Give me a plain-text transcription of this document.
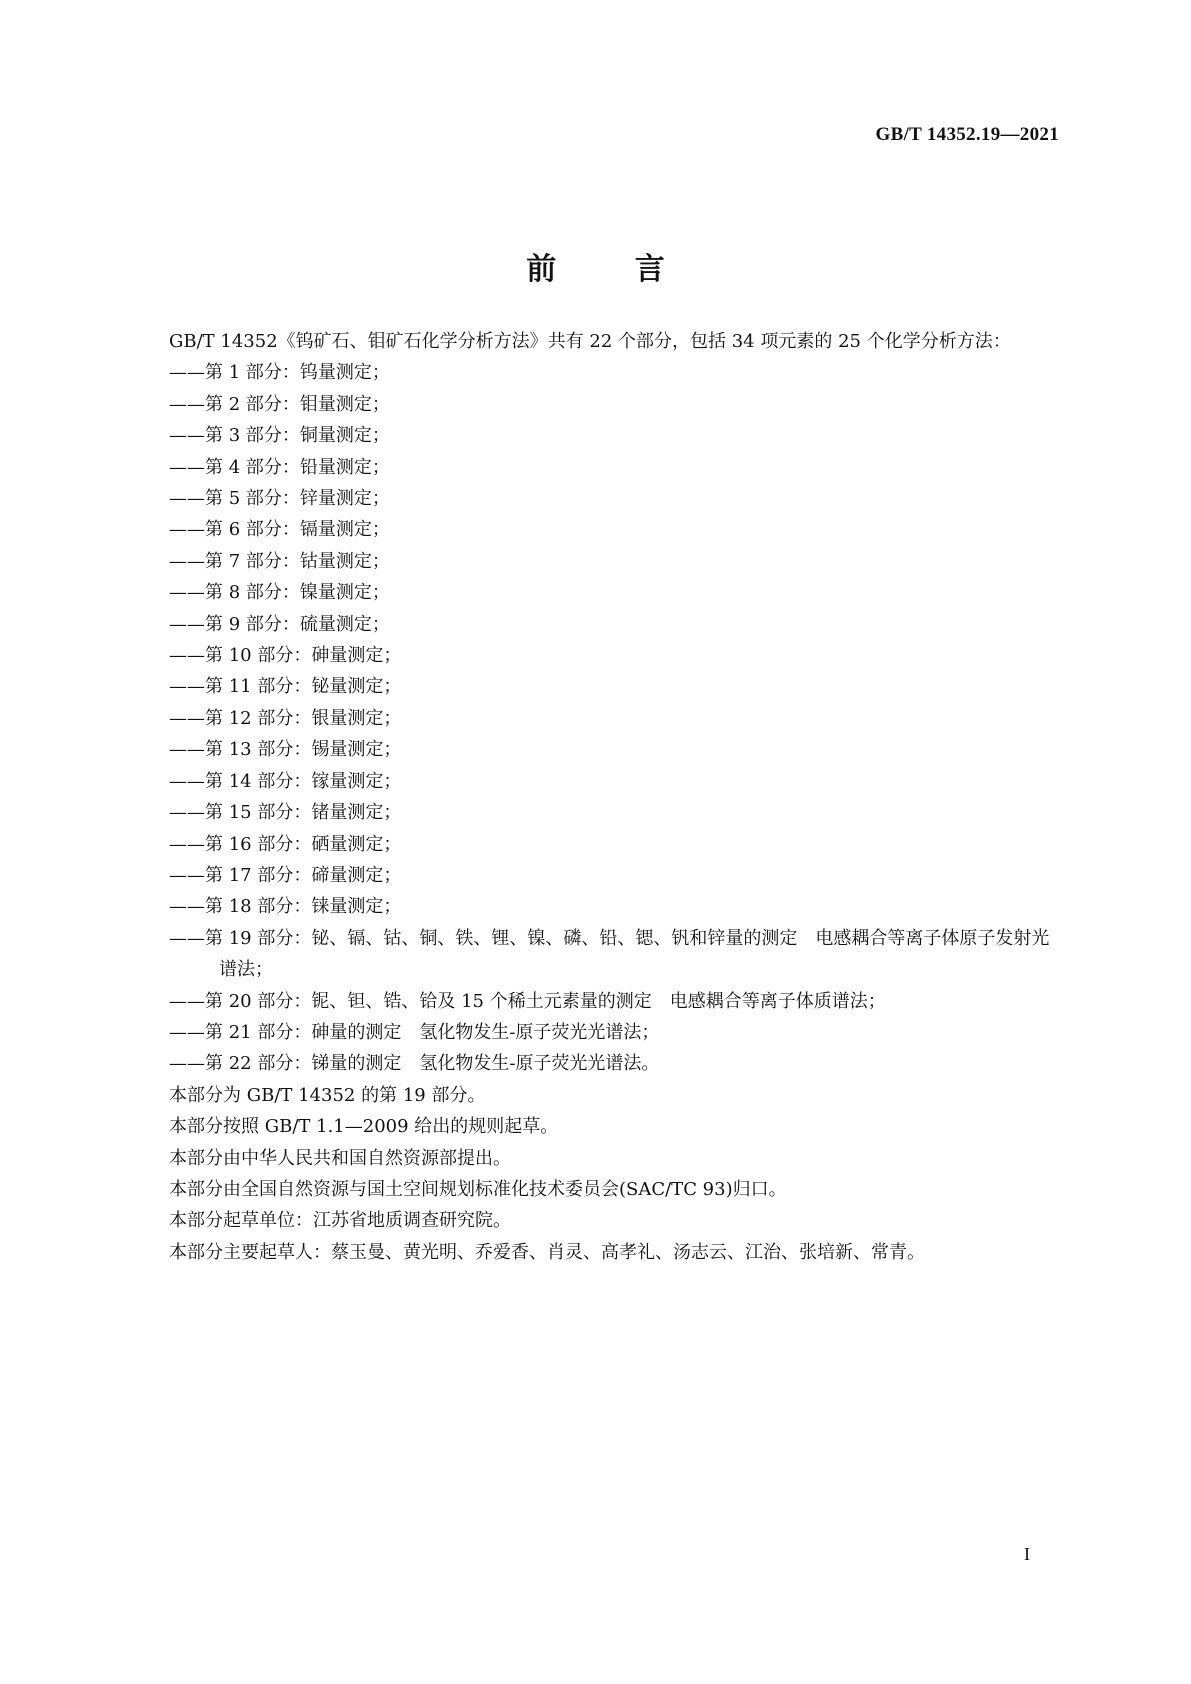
GB/T 14352.19—2021
前 言

GB/T 14352《钨矿石、钼矿石化学分析方法》共有 22 个部分，包括 34 项元素的 25 个化学分析方法：

——第 1 部分：钨量测定；
——第 2 部分：钼量测定；
——第 3 部分：铜量测定；
——第 4 部分：铅量测定；
——第 5 部分：锌量测定；
——第 6 部分：镉量测定；
——第 7 部分：钴量测定；
——第 8 部分：镍量测定；
——第 9 部分：硫量测定；
——第 10 部分：砷量测定；
——第 11 部分：铋量测定；
——第 12 部分：银量测定；
——第 13 部分：锡量测定；
——第 14 部分：镓量测定；
——第 15 部分：锗量测定；
——第 16 部分：硒量测定；
——第 17 部分：碲量测定；
——第 18 部分：铼量测定；
——第 19 部分：铋、镉、钴、铜、铁、锂、镍、磷、铅、锶、钒和锌量的测定　电感耦合等离子体原子发射光谱法；
——第 20 部分：铌、钽、锆、铪及 15 个稀土元素量的测定　电感耦合等离子体质谱法；
——第 21 部分：砷量的测定　氢化物发生-原子荧光光谱法；
——第 22 部分：锑量的测定　氢化物发生-原子荧光光谱法。

本部分为 GB/T 14352 的第 19 部分。

本部分按照 GB/T 1.1—2009 给出的规则起草。

本部分由中华人民共和国自然资源部提出。

本部分由全国自然资源与国土空间规划标准化技术委员会(SAC/TC 93)归口。

本部分起草单位：江苏省地质调查研究院。

本部分主要起草人：蔡玉曼、黄光明、乔爱香、肖灵、高孝礼、汤志云、江治、张培新、常青。

I
